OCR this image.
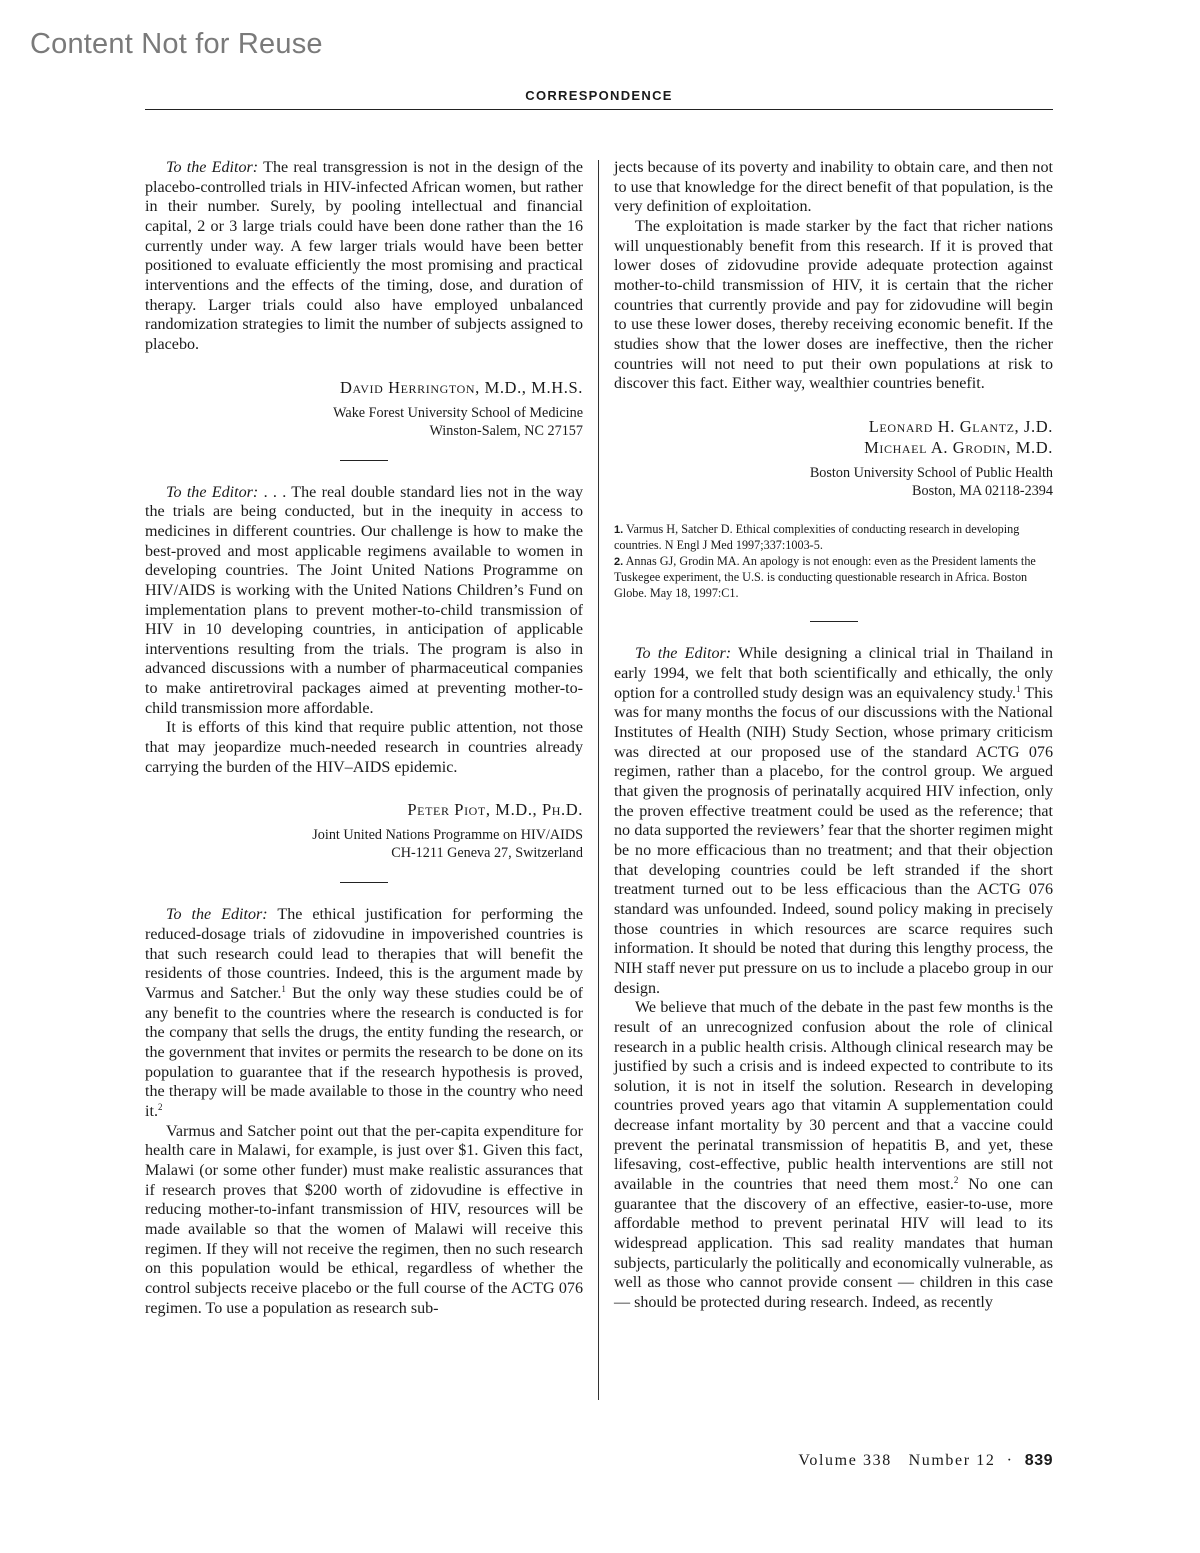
Content Not for Reuse
CORRESPONDENCE

To the Editor: The real transgression is not in the design of the placebo-controlled trials in HIV-infected African women, but rather in their number. Surely, by pooling intellectual and financial capital, 2 or 3 large trials could have been done rather than the 16 currently under way. A few larger trials would have been better positioned to evaluate efficiently the most promising and practical interventions and the effects of the timing, dose, and duration of therapy. Larger trials could also have employed unbalanced randomization strategies to limit the number of subjects assigned to placebo.

David Herrington, M.D., M.H.S.
Wake Forest University School of Medicine
Winston-Salem, NC 27157

To the Editor: . . . The real double standard lies not in the way the trials are being conducted, but in the inequity in access to medicines in different countries. Our challenge is how to make the best-proved and most applicable regimens available to women in developing countries. The Joint United Nations Programme on HIV/AIDS is working with the United Nations Children’s Fund on implementation plans to prevent mother-to-child transmission of HIV in 10 developing countries, in anticipation of applicable interventions resulting from the trials. The program is also in advanced discussions with a number of pharmaceutical companies to make antiretroviral packages aimed at preventing mother-to-child transmission more affordable.

It is efforts of this kind that require public attention, not those that may jeopardize much-needed research in countries already carrying the burden of the HIV–AIDS epidemic.

Peter Piot, M.D., Ph.D.
Joint United Nations Programme on HIV/AIDS
CH-1211 Geneva 27, Switzerland

To the Editor: The ethical justification for performing the reduced-dosage trials of zidovudine in impoverished countries is that such research could lead to therapies that will benefit the residents of those countries. Indeed, this is the argument made by Varmus and Satcher.$^1$ But the only way these studies could be of any benefit to the countries where the research is conducted is for the company that sells the drugs, the entity funding the research, or the government that invites or permits the research to be done on its population to guarantee that if the research hypothesis is proved, the therapy will be made available to those in the country who need it.$^2$

Varmus and Satcher point out that the per-capita expenditure for health care in Malawi, for example, is just over $1. Given this fact, Malawi (or some other funder) must make realistic assurances that if research proves that $200 worth of zidovudine is effective in reducing mother-to-infant transmission of HIV, resources will be made available so that the women of Malawi will receive this regimen. If they will not receive the regimen, then no such research on this population would be ethical, regardless of whether the control subjects receive placebo or the full course of the ACTG 076 regimen. To use a population as research sub-

jects because of its poverty and inability to obtain care, and then not to use that knowledge for the direct benefit of that population, is the very definition of exploitation.

The exploitation is made starker by the fact that richer nations will unquestionably benefit from this research. If it is proved that lower doses of zidovudine provide adequate protection against mother-to-child transmission of HIV, it is certain that the richer countries that currently provide and pay for zidovudine will begin to use these lower doses, thereby receiving economic benefit. If the studies show that the lower doses are ineffective, then the richer countries will not need to put their own populations at risk to discover this fact. Either way, wealthier countries benefit.

Leonard H. Glantz, J.D.
Michael A. Grodin, M.D.
Boston University School of Public Health
Boston, MA 02118-2394
1. Varmus H, Satcher D. Ethical complexities of conducting research in developing countries. N Engl J Med 1997;337:1003-5.
2. Annas GJ, Grodin MA. An apology is not enough: even as the President laments the Tuskegee experiment, the U.S. is conducting questionable research in Africa. Boston Globe. May 18, 1997:C1.

To the Editor: While designing a clinical trial in Thailand in early 1994, we felt that both scientifically and ethically, the only option for a controlled study design was an equivalency study.$^1$ This was for many months the focus of our discussions with the National Institutes of Health (NIH) Study Section, whose primary criticism was directed at our proposed use of the standard ACTG 076 regimen, rather than a placebo, for the control group. We argued that given the prognosis of perinatally acquired HIV infection, only the proven effective treatment could be used as the reference; that no data supported the reviewers’ fear that the shorter regimen might be no more efficacious than no treatment; and that their objection that developing countries could be left stranded if the short treatment turned out to be less efficacious than the ACTG 076 standard was unfounded. Indeed, sound policy making in precisely those countries in which resources are scarce requires such information. It should be noted that during this lengthy process, the NIH staff never put pressure on us to include a placebo group in our design.

We believe that much of the debate in the past few months is the result of an unrecognized confusion about the role of clinical research in a public health crisis. Although clinical research may be justified by such a crisis and is indeed expected to contribute to its solution, it is not in itself the solution. Research in developing countries proved years ago that vitamin A supplementation could decrease infant mortality by 30 percent and that a vaccine could prevent the perinatal transmission of hepatitis B, and yet, these lifesaving, cost-effective, public health interventions are still not available in the countries that need them most.$^2$ No one can guarantee that the discovery of an effective, easier-to-use, more affordable method to prevent perinatal HIV will lead to its widespread application. This sad reality mandates that human subjects, particularly the politically and economically vulnerable, as well as those who cannot provide consent — children in this case — should be protected during research. Indeed, as recently

Volume 338 Number 12 · 839
